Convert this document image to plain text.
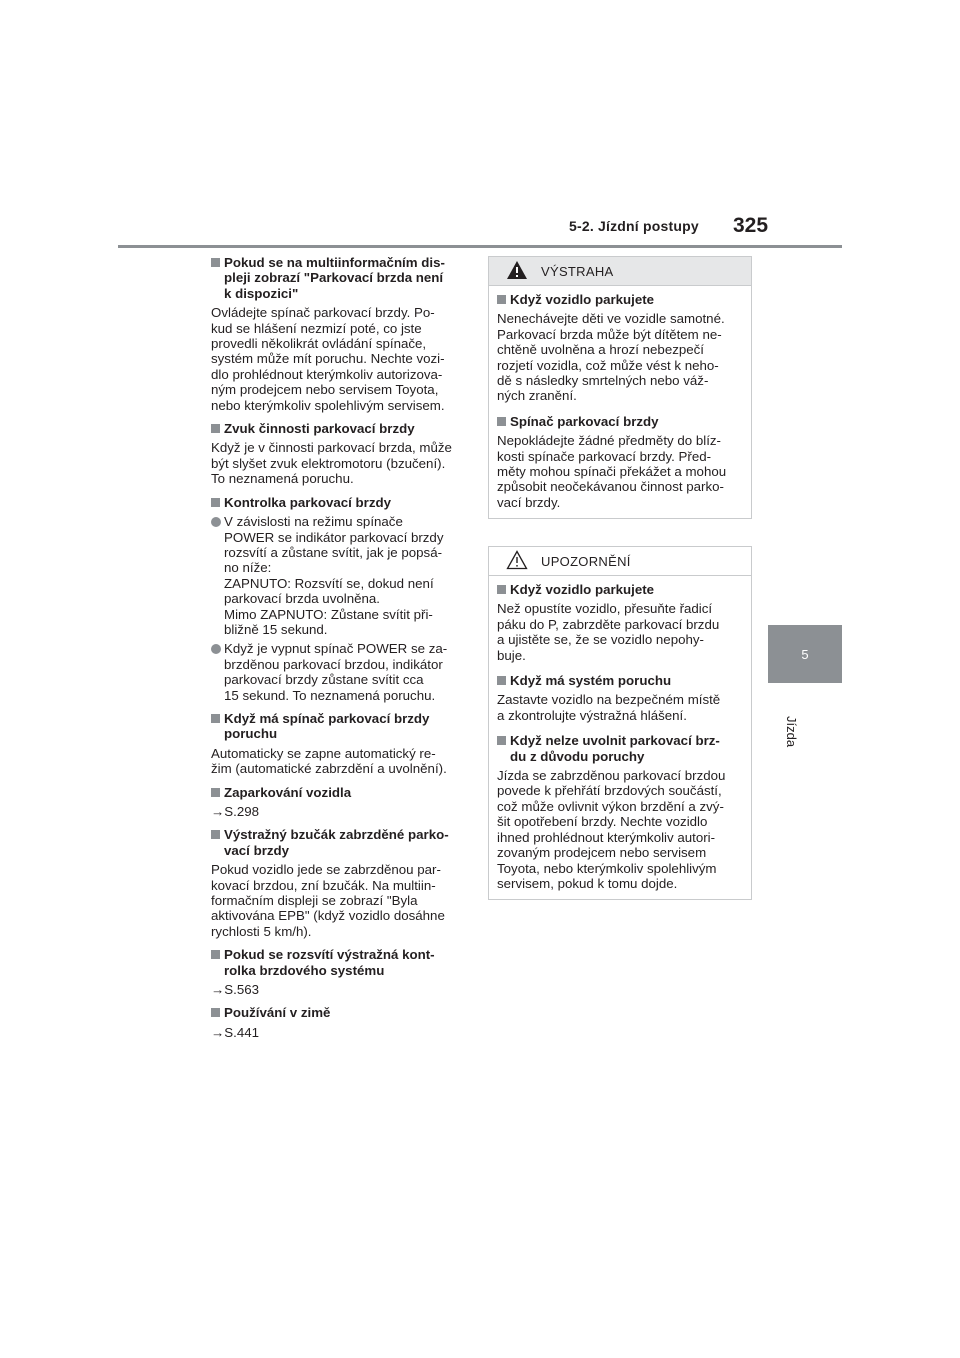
5-2. Jízdní postupy 325
5
Jízda
Pokud se na multiinformačním dis-
pleji zobrazí "Parkovací brzda není
k dispozici"
Ovládejte spínač parkovací brzdy. Po-
kud se hlášení nezmizí poté, co jste
provedli několikrát ovládání spínače,
systém může mít poruchu. Nechte vozi-
dlo prohlédnout kterýmkoliv autorizova-
ným prodejcem nebo servisem Toyota,
nebo kterýmkoliv spolehlivým servisem.
Zvuk činnosti parkovací brzdy
Když je v činnosti parkovací brzda, může
být slyšet zvuk elektromotoru (bzučení).
To neznamená poruchu.
Kontrolka parkovací brzdy
V závislosti na režimu spínače
POWER se indikátor parkovací brzdy
rozsvítí a zůstane svítit, jak je popsá-
no níže:
ZAPNUTO: Rozsvítí se, dokud není
parkovací brzda uvolněna.
Mimo ZAPNUTO: Zůstane svítit při-
bližně 15 sekund.
Když je vypnut spínač POWER se za-
brzděnou parkovací brzdou, indikátor
parkovací brzdy zůstane svítit cca
15 sekund. To neznamená poruchu.
Když má spínač parkovací brzdy
poruchu
Automaticky se zapne automatický re-
žim (automatické zabrzdění a uvolnění).
Zaparkování vozidla
→S.298
Výstražný bzučák zabrzděné parko-
vací brzdy
Pokud vozidlo jede se zabrzděnou par-
kovací brzdou, zní bzučák. Na multiin-
formačním displeji se zobrazí "Byla
aktivována EPB" (když vozidlo dosáhne
rychlosti 5 km/h).
Pokud se rozsvítí výstražná kont-
rolka brzdového systému
→S.563
Používání v zimě
→S.441
VÝSTRAHA
Když vozidlo parkujete
Nenechávejte děti ve vozidle samotné.
Parkovací brzda může být dítětem ne-
chtěně uvolněna a hrozí nebezpečí
rozjetí vozidla, což může vést k neho-
dě s následky smrtelných nebo váž-
ných zranění.
Spínač parkovací brzdy
Nepokládejte žádné předměty do blíz-
kosti spínače parkovací brzdy. Před-
měty mohou spínači překážet a mohou
způsobit neočekávanou činnost parko-
vací brzdy.
UPOZORNĚNÍ
Když vozidlo parkujete
Než opustíte vozidlo, přesuňte řadicí
páku do P, zabrzděte parkovací brzdu
a ujistěte se, že se vozidlo nepohy-
buje.
Když má systém poruchu
Zastavte vozidlo na bezpečném místě
a zkontrolujte výstražná hlášení.
Když nelze uvolnit parkovací brz-
du z důvodu poruchy
Jízda se zabrzděnou parkovací brzdou
povede k přehřátí brzdových součástí,
což může ovlivnit výkon brzdění a zvý-
šit opotřebení brzdy. Nechte vozidlo
ihned prohlédnout kterýmkoliv autori-
zovaným prodejcem nebo servisem
Toyota, nebo kterýmkoliv spolehlivým
servisem, pokud k tomu dojde.
